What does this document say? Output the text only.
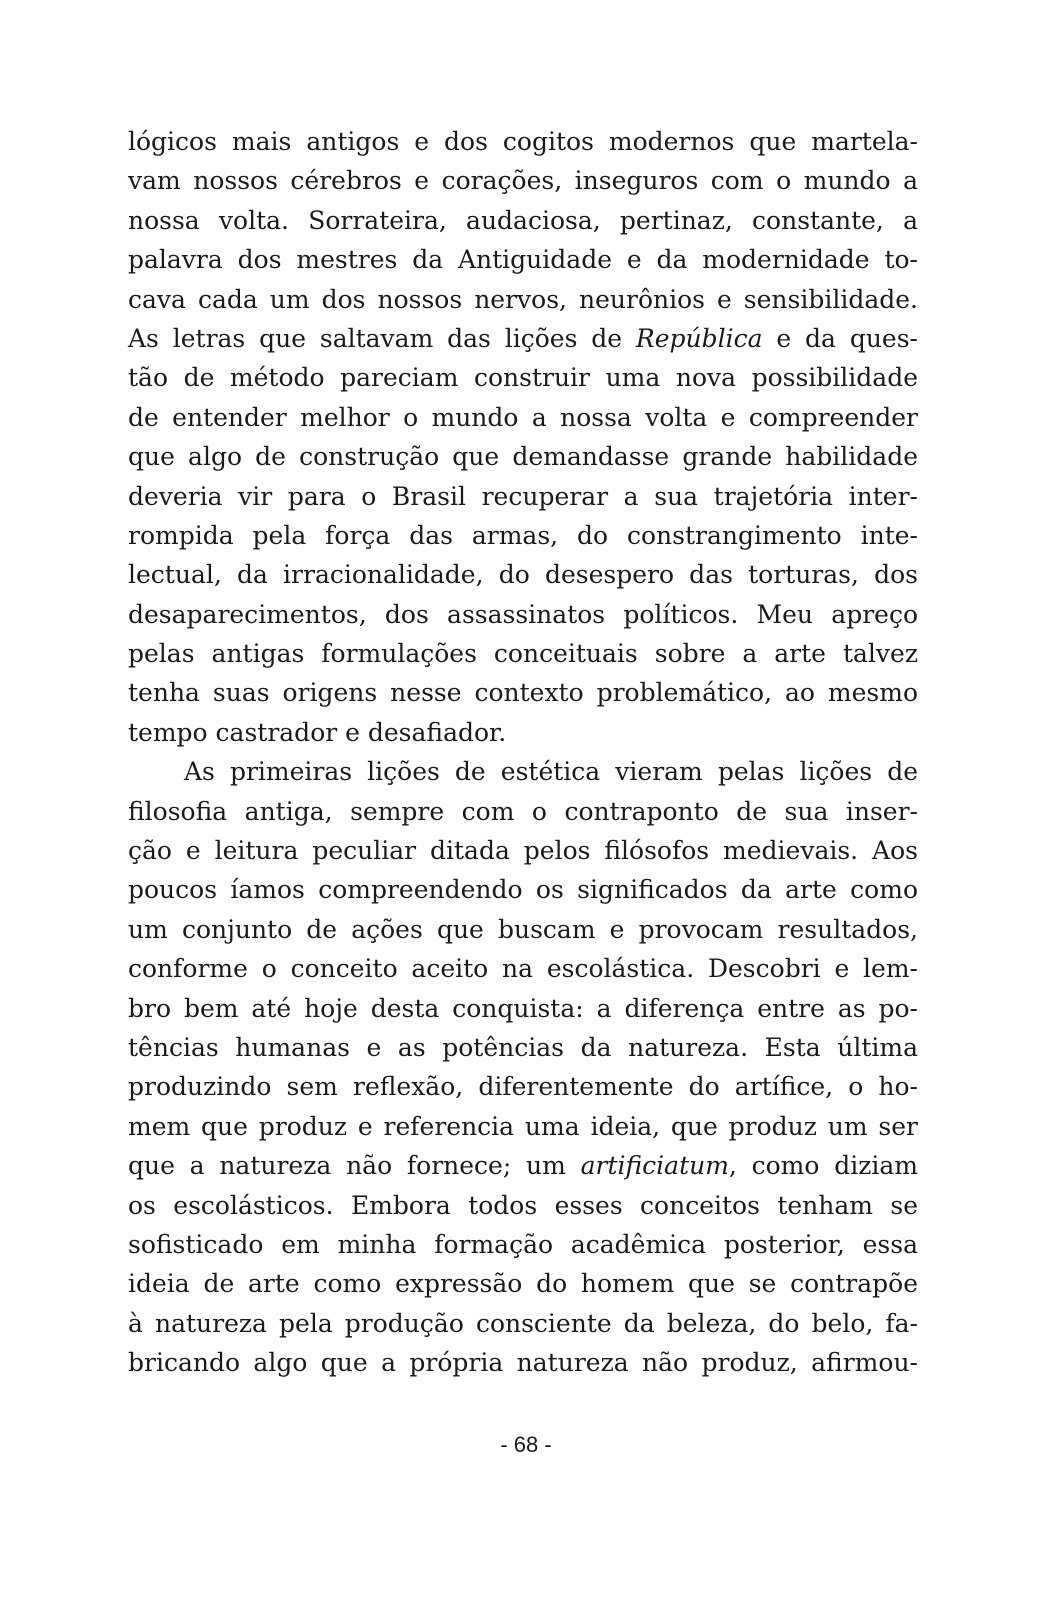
lógicos mais antigos e dos cogitos modernos que martela-
vam nossos cérebros e corações, inseguros com o mundo a
nossa volta. Sorrateira, audaciosa, pertinaz, constante, a
palavra dos mestres da Antiguidade e da modernidade to-
cava cada um dos nossos nervos, neurônios e sensibilidade.
As letras que saltavam das lições de República e da ques-
tão de método pareciam construir uma nova possibilidade
de entender melhor o mundo a nossa volta e compreender
que algo de construção que demandasse grande habilidade
deveria vir para o Brasil recuperar a sua trajetória inter-
rompida pela força das armas, do constrangimento inte-
lectual, da irracionalidade, do desespero das torturas, dos
desaparecimentos, dos assassinatos políticos. Meu apreço
pelas antigas formulações conceituais sobre a arte talvez
tenha suas origens nesse contexto problemático, ao mesmo
tempo castrador e desafiador.
As primeiras lições de estética vieram pelas lições de
filosofia antiga, sempre com o contraponto de sua inser-
ção e leitura peculiar ditada pelos filósofos medievais. Aos
poucos íamos compreendendo os significados da arte como
um conjunto de ações que buscam e provocam resultados,
conforme o conceito aceito na escolástica. Descobri e lem-
bro bem até hoje desta conquista: a diferença entre as po-
tências humanas e as potências da natureza. Esta última
produzindo sem reflexão, diferentemente do artífice, o ho-
mem que produz e referencia uma ideia, que produz um ser
que a natureza não fornece; um artificiatum, como diziam
os escolásticos. Embora todos esses conceitos tenham se
sofisticado em minha formação acadêmica posterior, essa
ideia de arte como expressão do homem que se contrapõe
à natureza pela produção consciente da beleza, do belo, fa-
bricando algo que a própria natureza não produz, afirmou-
- 68 -
